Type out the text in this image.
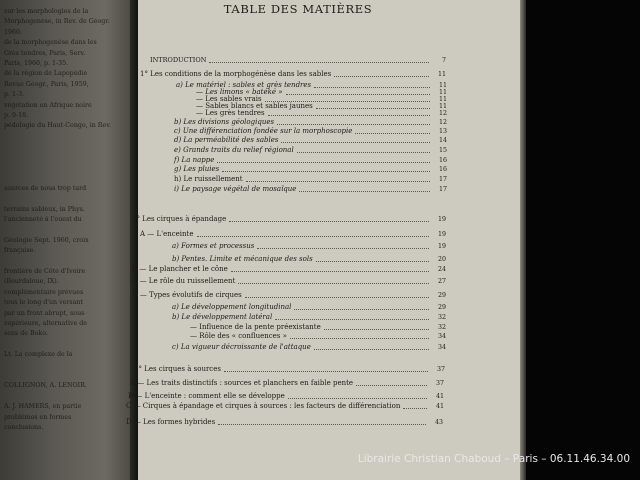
sur les morphologies de la
Morphogenèse, in Rev. de Géogr.
1960.
de la morphogenèse dans les
Grès tendres, Paris, Serv.
Paris, 1960, p. 1-35.
de la région de Lapopédie
Revue Géogr., Paris, 1959,
p. 1-3.
végétation en Afrique noire
p. 9-18.
pédologie du Haut-Congo, in Rev.
sources de nous trop tard
terrains sableux, in Phys.
l'ancienneté à l'ouest du
Géologie Sept. 1960, croix
française.
frontière de Côte d'Ivoire
(Bourdaloue, IX).
complémentaire prévues
tous le long d'un versant
par un front abrupt, sous
supérieure, alternative de
sens de Boko.
Lt. La complexe de la
COLLIGNON, A. LENOIR.
A. J. HAMERS, en partie
problèmes en formes
conclusions.
TABLE DES MATIÈRES
INTRODUCTION	7
1° Les conditions de la morphogénèse dans les sables	11
a) Le matériel : sables et grès tendres	11
— Les limons « batéké »	11
— Les sables vrais	11
— Sables blancs et sables jaunes	11
— Les grès tendres	12
b) Les divisions géologiques	12
c) Une différenciation fondée sur la morphoscopie	13
d) La perméabilité des sables	14
e) Grands traits du relief régional	15
f) La nappe	16
g) Les pluies	16
h) Le ruissellement	17
i) Le paysage végétal de mosaïque	17
2° Les cirques à épandage	19
A — L'enceinte	19
a) Formes et processus	19
b) Pentes. Limite et mécanique des sols	20
B — Le plancher et le cône	24
C — Le rôle du ruissellement	27
D — Types évolutifs de cirques	29
a) Le développement longitudinal	29
b) Le développement latéral	32
— Influence de la pente préexistante	32
— Rôle des « confluences »	34
c) La vigueur décroissante de l'attaque	34
3° Les cirques à sources	37
A — Les traits distinctifs : sources et planchers en faible pente	37
B — L'enceinte : comment elle se développe	41
C — Cirques à épandage et cirques à sources : les facteurs de différenciation	41
D — Les formes hybrides	43
Librairie Christian Chaboud – Paris – 06.11.46.34.00
